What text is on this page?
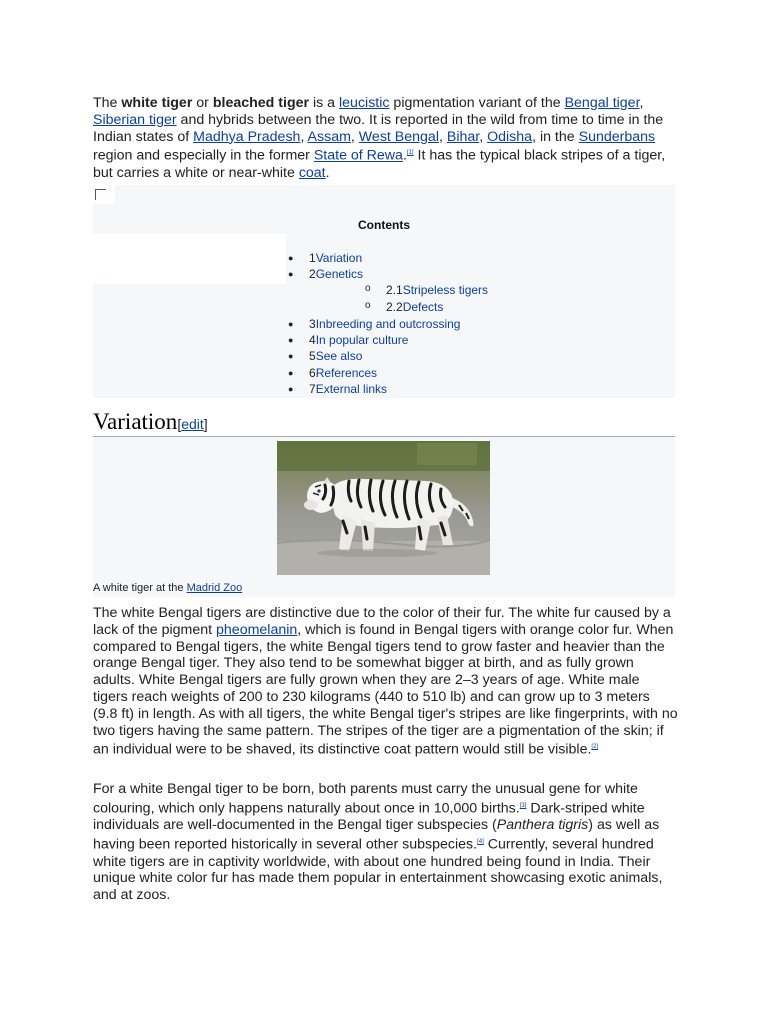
The white tiger or bleached tiger is a leucistic pigmentation variant of the Bengal tiger, Siberian tiger and hybrids between the two. It is reported in the wild from time to time in the Indian states of Madhya Pradesh, Assam, West Bengal, Bihar, Odisha, in the Sunderbans region and especially in the former State of Rewa.[1] It has the typical black stripes of a tiger, but carries a white or near-white coat.

Contents
● 1Variation
● 2Genetics
o 2.1Stripeless tigers
o 2.2Defects
● 3Inbreeding and outcrossing
● 4In popular culture
● 5See also
● 6References
● 7External links
Variation[edit]
A white tiger at the Madrid Zoo

The white Bengal tigers are distinctive due to the color of their fur. The white fur caused by a lack of the pigment pheomelanin, which is found in Bengal tigers with orange color fur. When compared to Bengal tigers, the white Bengal tigers tend to grow faster and heavier than the orange Bengal tiger. They also tend to be somewhat bigger at birth, and as fully grown adults. White Bengal tigers are fully grown when they are 2–3 years of age. White male tigers reach weights of 200 to 230 kilograms (440 to 510 lb) and can grow up to 3 meters (9.8 ft) in length. As with all tigers, the white Bengal tiger's stripes are like fingerprints, with no two tigers having the same pattern. The stripes of the tiger are a pigmentation of the skin; if an individual were to be shaved, its distinctive coat pattern would still be visible.[2]

For a white Bengal tiger to be born, both parents must carry the unusual gene for white colouring, which only happens naturally about once in 10,000 births.[3] Dark-striped white individuals are well-documented in the Bengal tiger subspecies (Panthera tigris) as well as having been reported historically in several other subspecies.[4] Currently, several hundred white tigers are in captivity worldwide, with about one hundred being found in India. Their unique white color fur has made them popular in entertainment showcasing exotic animals, and at zoos.
